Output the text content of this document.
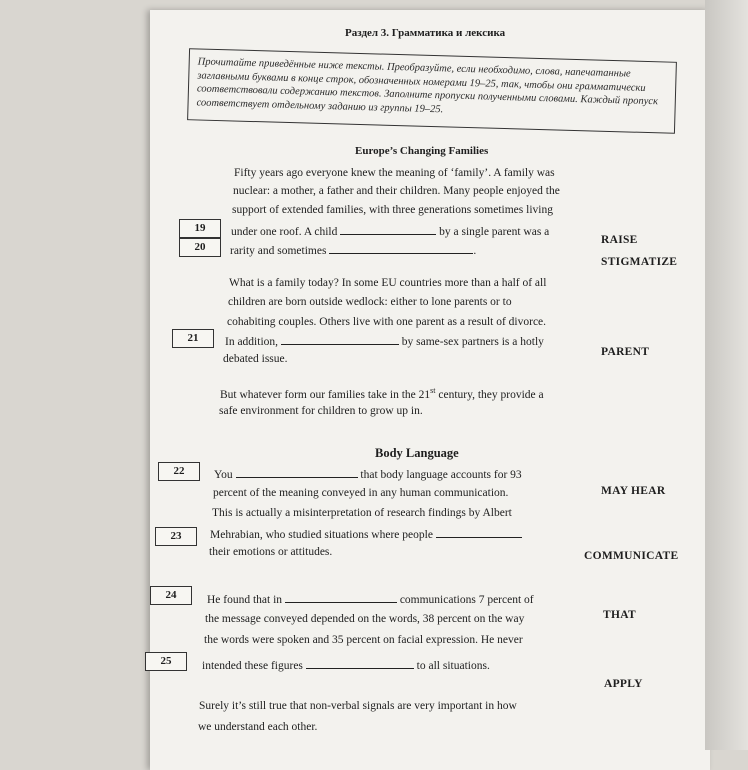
Раздел 3. Грамматика и лексика
Прочитайте приведённые ниже тексты. Преобразуйте, если необходимо, слова, напечатанные заглавными буквами в конце строк, обозначенных номерами 19–25, так, чтобы они грамматически соответствовали содержанию текстов. Заполните пропуски полученными словами. Каждый пропуск соответствует отдельному заданию из группы 19–25.
Europe’s Changing Families
Fifty years ago everyone knew the meaning of ‘family’. A family was
nuclear: a mother, a father and their children. Many people enjoyed the
support of extended families, with three generations sometimes living
19	under one roof. A child	by a single parent was a
RAISE
20	rarity and sometimes	.
STIGMATIZE
What is a family today? In some EU countries more than a half of all
children are born outside wedlock: either to lone parents or to
cohabiting couples. Others live with one parent as a result of divorce.
21	In addition,	by same-sex partners is a hotly
PARENT
debated issue.
But whatever form our families take in the 21st century, they provide a
safe environment for children to grow up in.
Body Language
22	You	that body language accounts for 93
MAY HEAR
percent of the meaning conveyed in any human communication.
This is actually a misinterpretation of research findings by Albert
23	Mehrabian, who studied situations where people
COMMUNICATE
their emotions or attitudes.
24	He found that in	communications 7 percent of
THAT
the message conveyed depended on the words, 38 percent on the way
the words were spoken and 35 percent on facial expression. He never
25	intended these figures	to all situations.
APPLY
Surely it’s still true that non-verbal signals are very important in how
we understand each other.
